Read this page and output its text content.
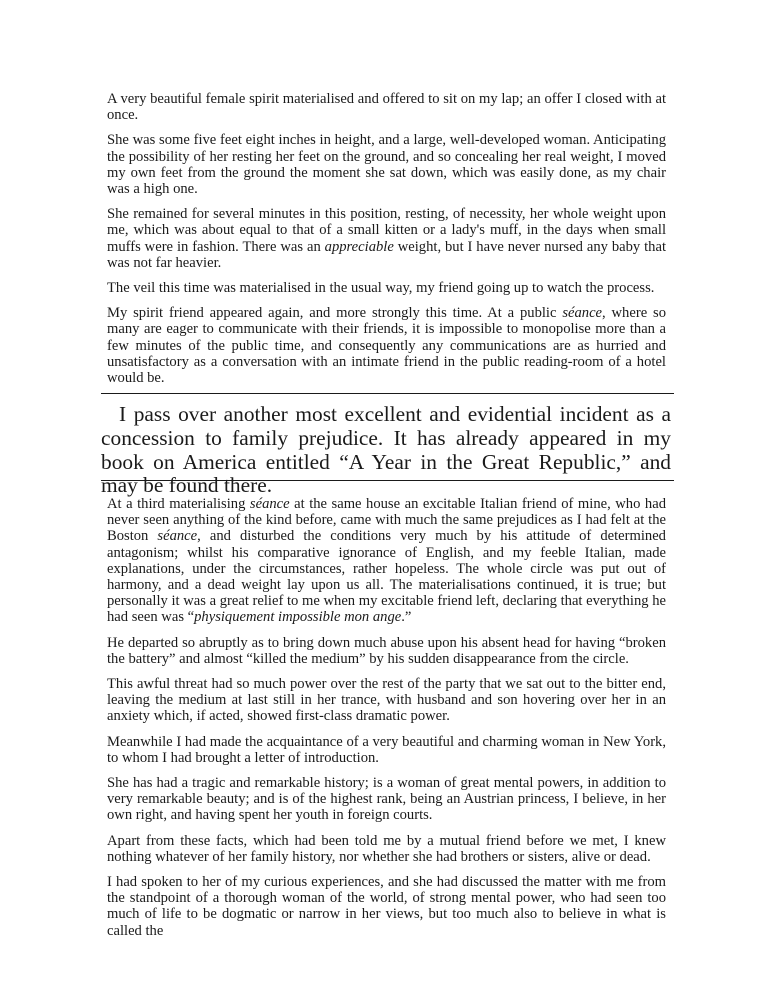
A very beautiful female spirit materialised and offered to sit on my lap; an offer I closed with at once.

She was some five feet eight inches in height, and a large, well-developed woman. Anticipating the possibility of her resting her feet on the ground, and so concealing her real weight, I moved my own feet from the ground the moment she sat down, which was easily done, as my chair was a high one.

She remained for several minutes in this position, resting, of necessity, her whole weight upon me, which was about equal to that of a small kitten or a lady's muff, in the days when small muffs were in fashion. There was an appreciable weight, but I have never nursed any baby that was not far heavier.

The veil this time was materialised in the usual way, my friend going up to watch the process.

My spirit friend appeared again, and more strongly this time. At a public séance, where so many are eager to communicate with their friends, it is impossible to monopolise more than a few minutes of the public time, and consequently any communications are as hurried and unsatisfactory as a conversation with an intimate friend in the public reading-room of a hotel would be.

I pass over another most excellent and evidential incident as a concession to family prejudice. It has already appeared in my book on America entitled “A Year in the Great Republic,” and may be found there.

At a third materialising séance at the same house an excitable Italian friend of mine, who had never seen anything of the kind before, came with much the same prejudices as I had felt at the Boston séance, and disturbed the conditions very much by his attitude of determined antagonism; whilst his comparative ignorance of English, and my feeble Italian, made explanations, under the circumstances, rather hopeless. The whole circle was put out of harmony, and a dead weight lay upon us all. The materialisations continued, it is true; but personally it was a great relief to me when my excitable friend left, declaring that everything he had seen was “physiquement impossible mon ange.”

He departed so abruptly as to bring down much abuse upon his absent head for having “broken the battery” and almost “killed the medium” by his sudden disappearance from the circle.

This awful threat had so much power over the rest of the party that we sat out to the bitter end, leaving the medium at last still in her trance, with husband and son hovering over her in an anxiety which, if acted, showed first-class dramatic power.

Meanwhile I had made the acquaintance of a very beautiful and charming woman in New York, to whom I had brought a letter of introduction.

She has had a tragic and remarkable history; is a woman of great mental powers, in addition to very remarkable beauty; and is of the highest rank, being an Austrian princess, I believe, in her own right, and having spent her youth in foreign courts.

Apart from these facts, which had been told me by a mutual friend before we met, I knew nothing whatever of her family history, nor whether she had brothers or sisters, alive or dead.

I had spoken to her of my curious experiences, and she had discussed the matter with me from the standpoint of a thorough woman of the world, of strong mental power, who had seen too much of life to be dogmatic or narrow in her views, but too much also to believe in what is called the
